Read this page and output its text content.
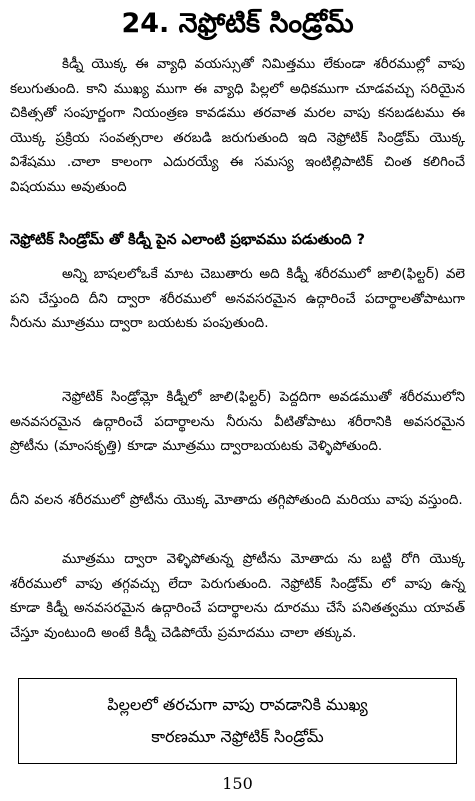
24. నెఫ్రోటిక్ సిండ్రోమ్

కిడ్నీ యొక్క ఈ వ్యాధి వయస్సుతో నిమిత్తము లేకుండా శరీరముల్లో వాపు కలుగుతుంది. కాని ముఖ్య ముగా ఈ వ్యాధి పిల్లలో అధికముగా చూడవచ్చు సరియైన చికిత్సతో సంపూర్ణంగా నియంత్రణ కావడము తరవాత మరల వాపు కనబడటము ఈ యొక్క ప్రక్రియ సంవత్సరాల తరబడి జరుగుతుంది ఇది నెఫ్రోటిక్ సిండ్రోమ్ యొక్క విశేషము .చాలా కాలంగా ఎదురయ్యే ఈ సమస్య ఇంటిల్లిపాటిక్ చింత కలిగించే విషయము అవుతుంది

నెఫ్రోటిక్ సిండ్రోమ్ తో కిడ్నీ పైన ఎలాంటి ప్రభావము పడుతుంది ?

అన్ని బాషలలోఒకే మాట చెబుతారు అది కిడ్నీ శరీరములో జాలి(ఫిల్టర్) వలె పని చేస్తుంది దీని ద్వారా శరీరములో అనవసరమైన ఉద్గారించే పదార్థాలతోపాటుగా నీరును మూత్రము ద్వారా బయటకు పంపుతుంది.

నెఫ్రోటిక్ సిండ్రోమ్లో కిడ్నీలో జాలి(ఫిల్టర్) పెద్దదిగా అవడముతో శరీరములోని అనవసరమైన ఉద్గారించే పదార్థాలను నీరును వీటితోపాటు శరీరానికి అవసరమైన ప్రోటీను (మాంసకృత్తి) కూడా మూత్రము ద్వారాబయటకు వెళ్ళిపోతుంది.

దీని వలన శరీరములో ప్రోటీను యొక్క మోతాదు తగ్గిపోతుంది మరియు వాపు వస్తుంది.

మూత్రము ద్వారా వెళ్ళిపోతున్న ప్రోటీను మోతాదు ను బట్టి రోగి యొక్క శరీరములో వాపు తగ్గవచ్చు లేదా పెరుగుతుంది. నెఫ్రోటిక్ సిండ్రోమ్ లో వాపు ఉన్న కూడా కిడ్నీ అనవసరమైన ఉద్గారించే పదార్థాలను దూరము చేసే పనితత్వము యావత్ చేస్తూ వుంటుంది అంటే కిడ్నీ చెడిపోయే ప్రమాదము చాలా తక్కువ.

పిల్లలలో తరచుగా వాపు రావడానికి ముఖ్య
కారణమూ నెఫ్రోటిక్ సిండ్రోమ్
150
